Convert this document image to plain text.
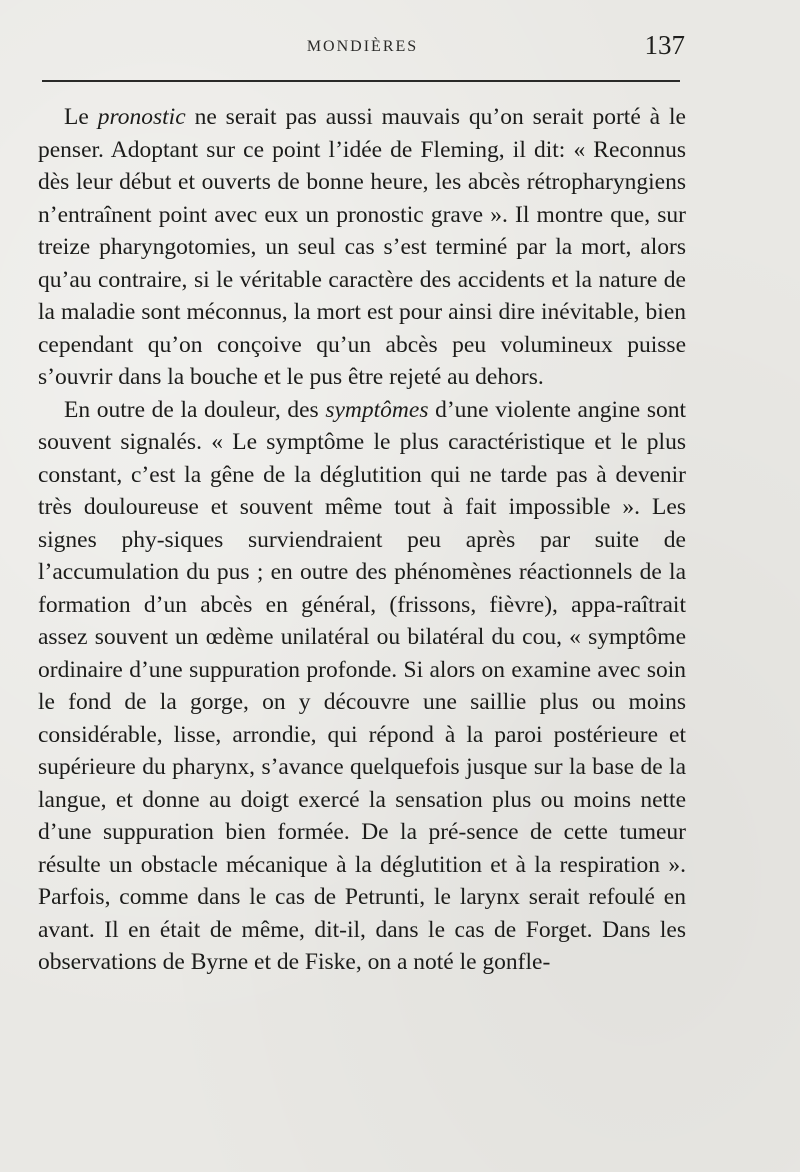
MONDIÈRES	137

Le pronostic ne serait pas aussi mauvais qu’on serait porté à le penser. Adoptant sur ce point l’idée de Fleming, il dit: « Reconnus dès leur début et ouverts de bonne heure, les abcès rétropharyngiens n’entraînent point avec eux un pronostic grave ». Il montre que, sur treize pharyngotomies, un seul cas s’est terminé par la mort, alors qu’au contraire, si le véritable caractère des accidents et la nature de la maladie sont méconnus, la mort est pour ainsi dire inévitable, bien cependant qu’on conçoive qu’un abcès peu volumineux puisse s’ouvrir dans la bouche et le pus être rejeté au dehors.

En outre de la douleur, des symptômes d’une violente angine sont souvent signalés. « Le symptôme le plus caractéristique et le plus constant, c’est la gêne de la déglutition qui ne tarde pas à devenir très douloureuse et souvent même tout à fait impossible ». Les signes phy-siques surviendraient peu après par suite de l’accumulation du pus ; en outre des phénomènes réactionnels de la formation d’un abcès en général, (frissons, fièvre), appa-raîtrait assez souvent un œdème unilatéral ou bilatéral du cou, « symptôme ordinaire d’une suppuration profonde. Si alors on examine avec soin le fond de la gorge, on y découvre une saillie plus ou moins considérable, lisse, arrondie, qui répond à la paroi postérieure et supérieure du pharynx, s’avance quelquefois jusque sur la base de la langue, et donne au doigt exercé la sensation plus ou moins nette d’une suppuration bien formée. De la pré-sence de cette tumeur résulte un obstacle mécanique à la déglutition et à la respiration ». Parfois, comme dans le cas de Petrunti, le larynx serait refoulé en avant. Il en était de même, dit-il, dans le cas de Forget. Dans les observations de Byrne et de Fiske, on a noté le gonfle-
